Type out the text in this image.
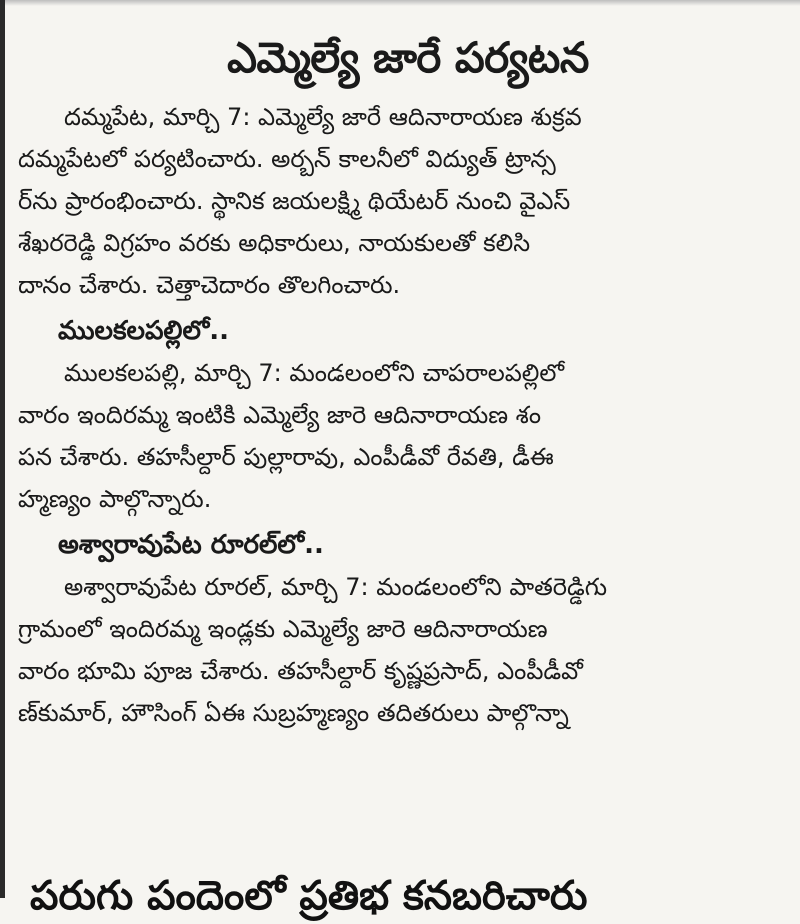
ఎమ్మెల్యే జారే పర్యటన
దమ్మపేట, మార్చి 7: ఎమ్మెల్యే జారే ఆదినారాయణ శుక్రవ
దమ్మపేటలో పర్యటించారు. అర్బన్ కాలనీలో విద్యుత్ ట్రాన్స
ర్‌ను ప్రారంభించారు. స్థానిక జయలక్ష్మి థియేటర్ నుంచి వైఎస్
శేఖరరెడ్డి విగ్రహం వరకు అధికారులు, నాయకులతో కలిసి
దానం చేశారు. చెత్తాచెదారం తొలగించారు.
ములకలపల్లిలో..
ములకలపల్లి, మార్చి 7: మండలంలోని చాపరాలపల్లిలో
వారం ఇందిరమ్మ ఇంటికి ఎమ్మెల్యే జారె ఆదినారాయణ శం
పన చేశారు. తహసీల్దార్ పుల్లారావు, ఎంపీడీవో రేవతి, డీఈ
హ్మణ్యం పాల్గొన్నారు.
అశ్వారావుపేట రూరల్‌లో..
అశ్వారావుపేట రూరల్, మార్చి 7: మండలంలోని పాతరెడ్డిగు
గ్రామంలో ఇందిరమ్మ ఇండ్లకు ఎమ్మెల్యే జారె ఆదినారాయణ
వారం భూమి పూజ చేశారు. తహసీల్దార్ కృష్ణప్రసాద్, ఎంపీడీవో
ణ్‌కుమార్, హౌసింగ్ ఏఈ సుబ్రహ్మణ్యం తదితరులు పాల్గొన్నా
పరుగు పందెంలో ప్రతిభ కనబరిచారు
